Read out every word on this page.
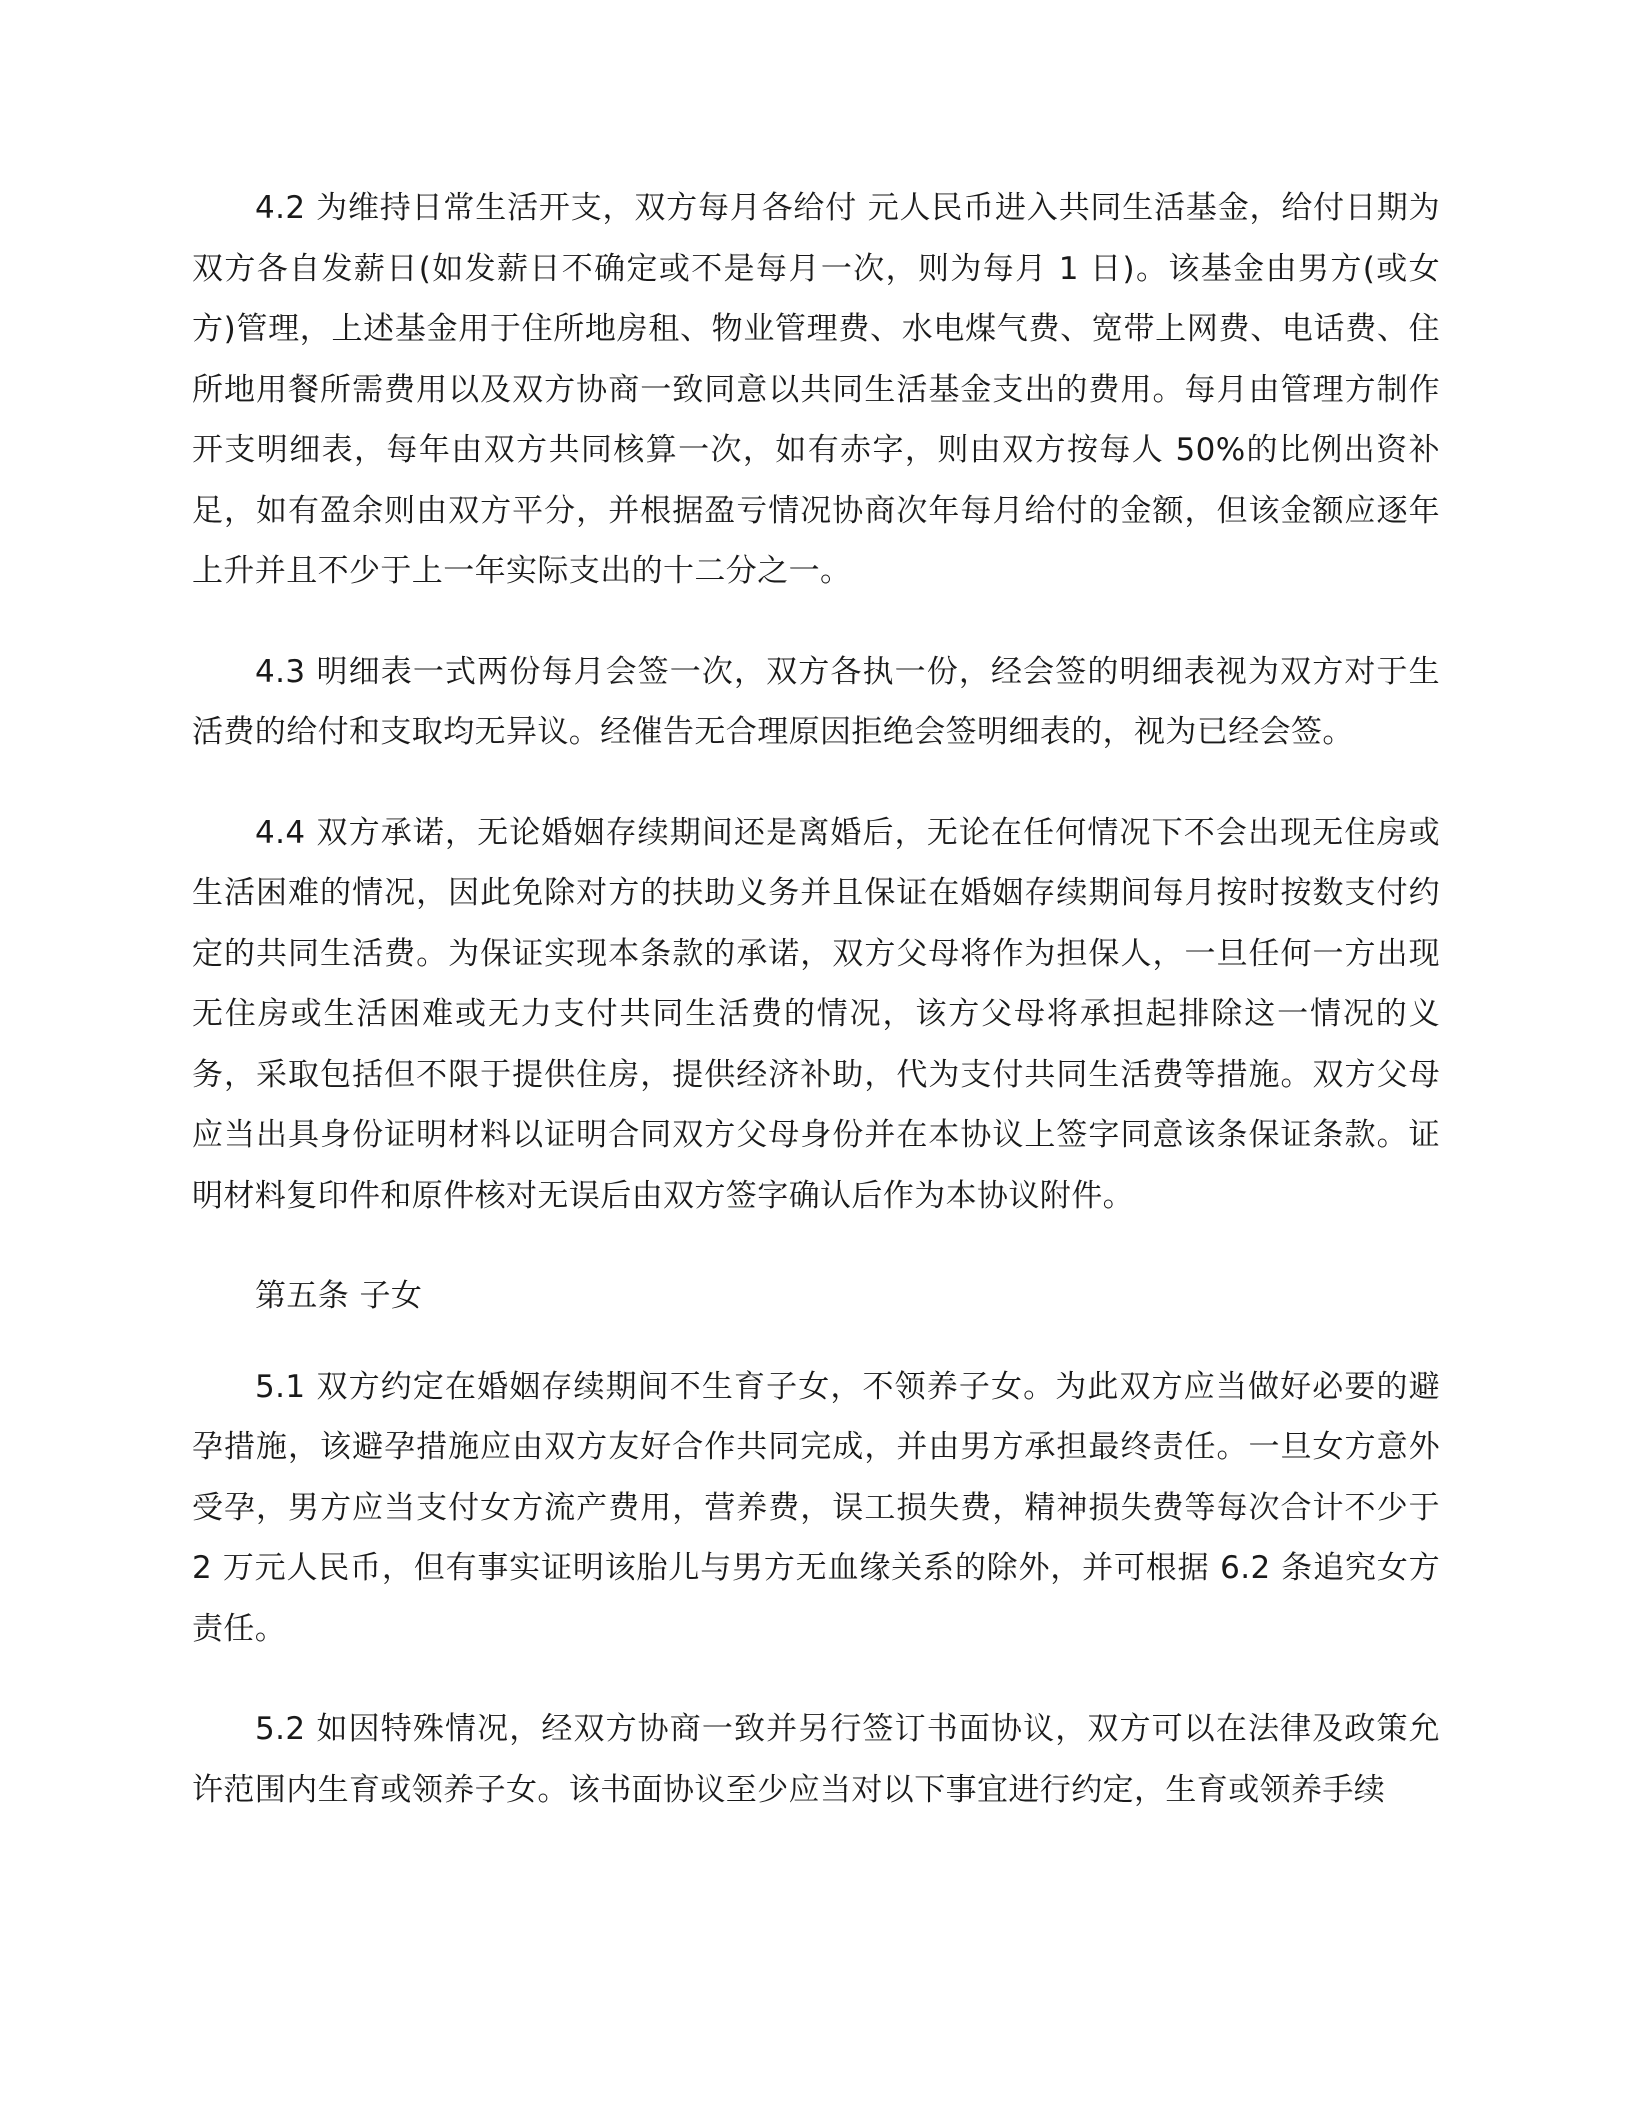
4.2 为维持日常生活开支，双方每月各给付 元人民币进入共同生活基金，给付日期为双方各自发薪日(如发薪日不确定或不是每月一次，则为每月 1 日)。该基金由男方(或女方)管理，上述基金用于住所地房租、物业管理费、水电煤气费、宽带上网费、电话费、住所地用餐所需费用以及双方协商一致同意以共同生活基金支出的费用。每月由管理方制作开支明细表，每年由双方共同核算一次，如有赤字，则由双方按每人 50%的比例出资补足，如有盈余则由双方平分，并根据盈亏情况协商次年每月给付的金额，但该金额应逐年上升并且不少于上一年实际支出的十二分之一。

4.3 明细表一式两份每月会签一次，双方各执一份，经会签的明细表视为双方对于生活费的给付和支取均无异议。经催告无合理原因拒绝会签明细表的，视为已经会签。

4.4 双方承诺，无论婚姻存续期间还是离婚后，无论在任何情况下不会出现无住房或生活困难的情况，因此免除对方的扶助义务并且保证在婚姻存续期间每月按时按数支付约定的共同生活费。为保证实现本条款的承诺，双方父母将作为担保人，一旦任何一方出现无住房或生活困难或无力支付共同生活费的情况，该方父母将承担起排除这一情况的义务，采取包括但不限于提供住房，提供经济补助，代为支付共同生活费等措施。双方父母应当出具身份证明材料以证明合同双方父母身份并在本协议上签字同意该条保证条款。证明材料复印件和原件核对无误后由双方签字确认后作为本协议附件。

第五条 子女

5.1 双方约定在婚姻存续期间不生育子女，不领养子女。为此双方应当做好必要的避孕措施，该避孕措施应由双方友好合作共同完成，并由男方承担最终责任。一旦女方意外受孕，男方应当支付女方流产费用，营养费，误工损失费，精神损失费等每次合计不少于 2 万元人民币，但有事实证明该胎儿与男方无血缘关系的除外，并可根据 6.2 条追究女方责任。

5.2 如因特殊情况，经双方协商一致并另行签订书面协议，双方可以在法律及政策允许范围内生育或领养子女。该书面协议至少应当对以下事宜进行约定，生育或领养手续
